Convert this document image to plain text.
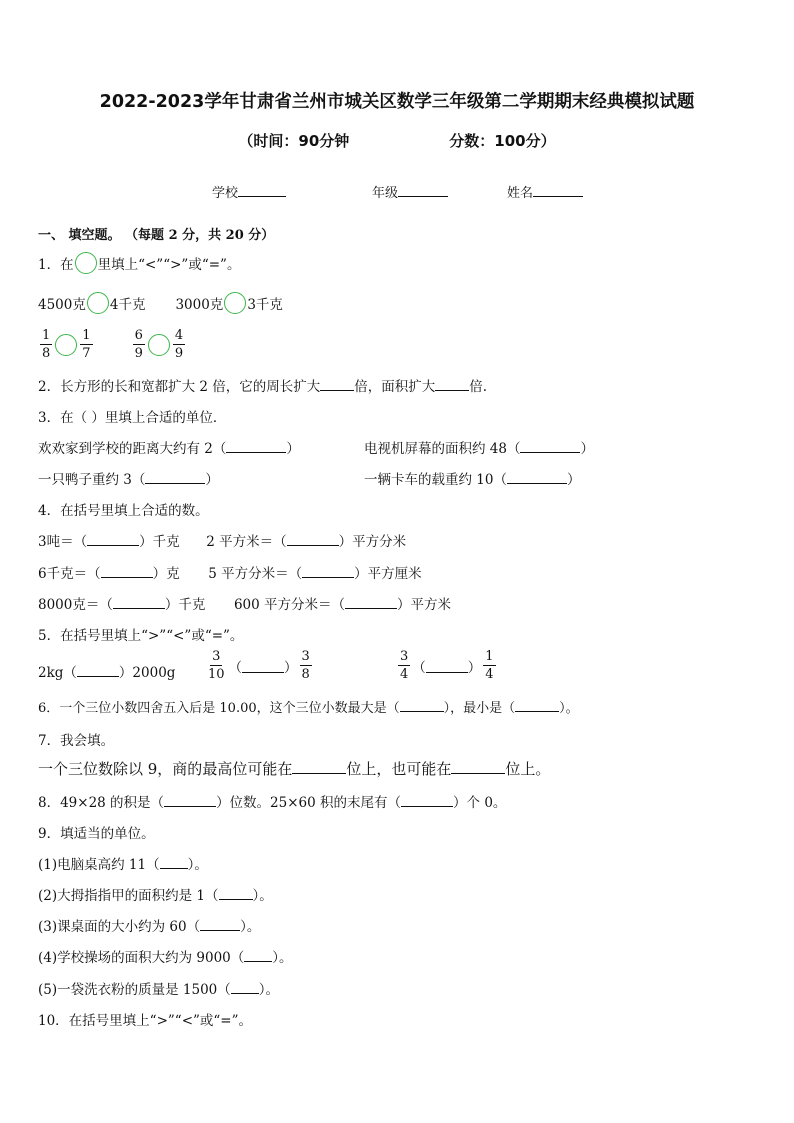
2022-2023学年甘肃省兰州市城关区数学三年级第二学期期末经典模拟试题
（时间：90分钟	分数：100分）
学校	年级	姓名
一、 填空题。 （每题 2 分，共 20 分）
1．在 里填上“<”“>”或“=”。
4500克 4千克 3000克 3千克
$\frac{1}{8} \frac{1}{7}$	$\frac{6}{9} \frac{4}{9}$
2．长方形的长和宽都扩大 2 倍，它的周长扩大	倍，面积扩大	倍.
3．在（ ）里填上合适的单位．
欢欢家到学校的距离大约有 2（	）	电视机屏幕的面积约 48（	）
一只鸭子重约 3（	）	一辆卡车的载重约 10（	）
4．在括号里填上合适的数。
3吨＝（	）千克 2 平方米＝（	）平方分米
6千克＝（	）克 5 平方分米＝（	）平方厘米
8000克＝（	）千克 600 平方分米＝（	）平方米
5．在括号里填上“>”“<”或“=”。
2kg（	）$2000g \frac{3}{10}$ （	） $\frac{3}{8}$	$\frac{3}{4}$ （	） $\frac{1}{4}$
6．一个三位小数四舍五入后是 10.00，这个三位小数最大是（	），最小是（	）。
7．我会填。
一个三位数除以 9，商的最高位可能在	位上，也可能在	位上。
8．49×28 的积是（	）位数。25×60 积的末尾有（	）个 0。
9．填适当的单位。
(1)电脑桌高约 11（ ）。
(2)大拇指指甲的面积约是 1（	）。
(3)课桌面的大小约为 60（	）。
(4)学校操场的面积大约为 9000（ ）。
(5)一袋洗衣粉的质量是 1500（ ）。
10．在括号里填上“>”“<”或“=”。
